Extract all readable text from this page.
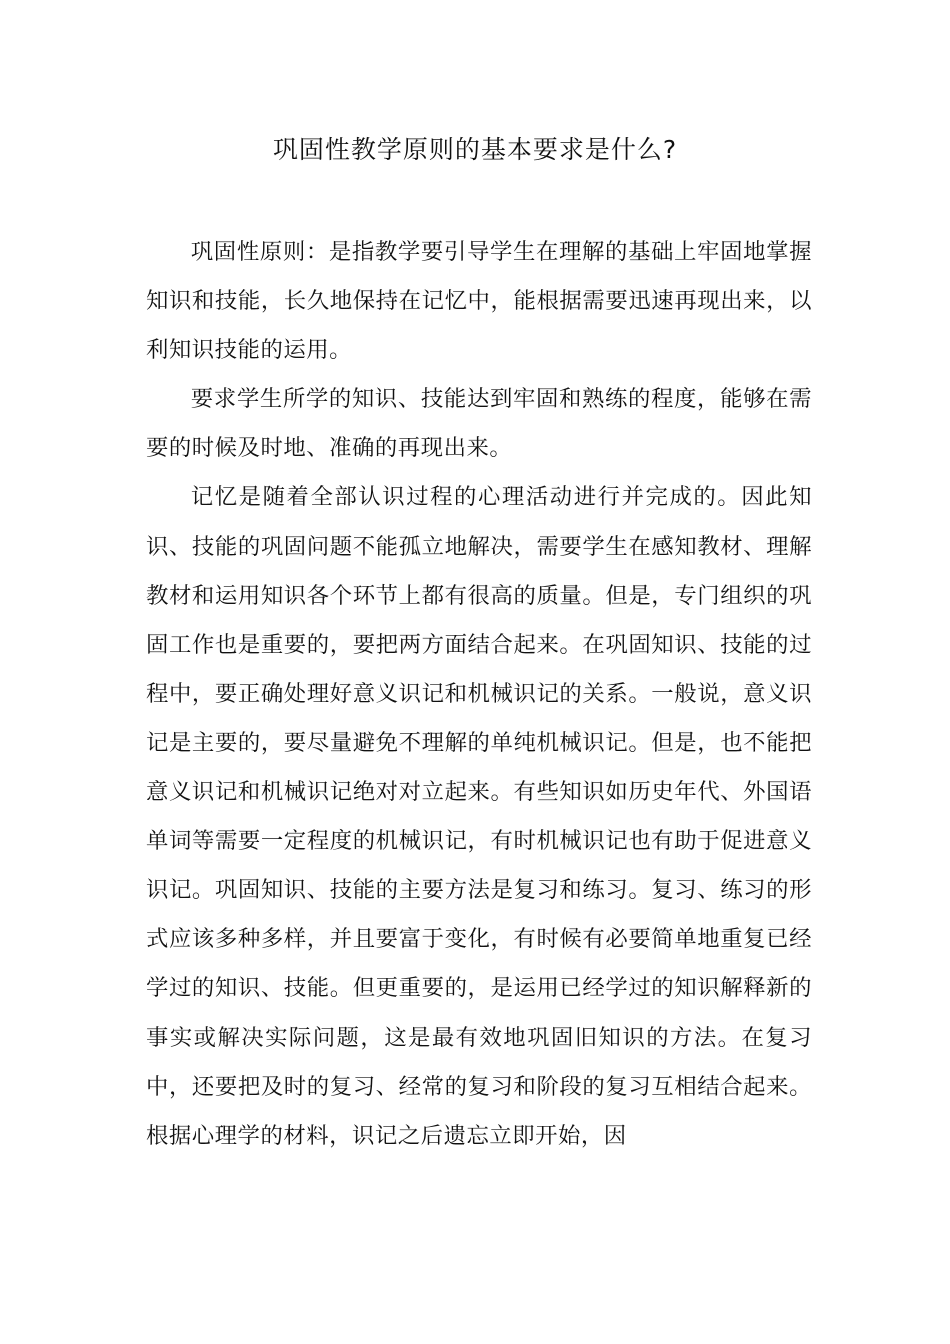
巩固性教学原则的基本要求是什么?

巩固性原则：是指教学要引导学生在理解的基础上牢固地掌握知识和技能，长久地保持在记忆中，能根据需要迅速再现出来，以利知识技能的运用。

要求学生所学的知识、技能达到牢固和熟练的程度，能够在需要的时候及时地、准确的再现出来。

记忆是随着全部认识过程的心理活动进行并完成的。因此知识、技能的巩固问题不能孤立地解决，需要学生在感知教材、理解教材和运用知识各个环节上都有很高的质量。但是，专门组织的巩固工作也是重要的，要把两方面结合起来。在巩固知识、技能的过程中，要正确处理好意义识记和机械识记的关系。一般说，意义识记是主要的，要尽量避免不理解的单纯机械识记。但是，也不能把意义识记和机械识记绝对对立起来。有些知识如历史年代、外国语单词等需要一定程度的机械识记，有时机械识记也有助于促进意义识记。巩固知识、技能的主要方法是复习和练习。复习、练习的形式应该多种多样，并且要富于变化，有时候有必要简单地重复已经学过的知识、技能。但更重要的，是运用已经学过的知识解释新的事实或解决实际问题，这是最有效地巩固旧知识的方法。在复习中，还要把及时的复习、经常的复习和阶段的复习互相结合起来。根据心理学的材料，识记之后遗忘立即开始，因
